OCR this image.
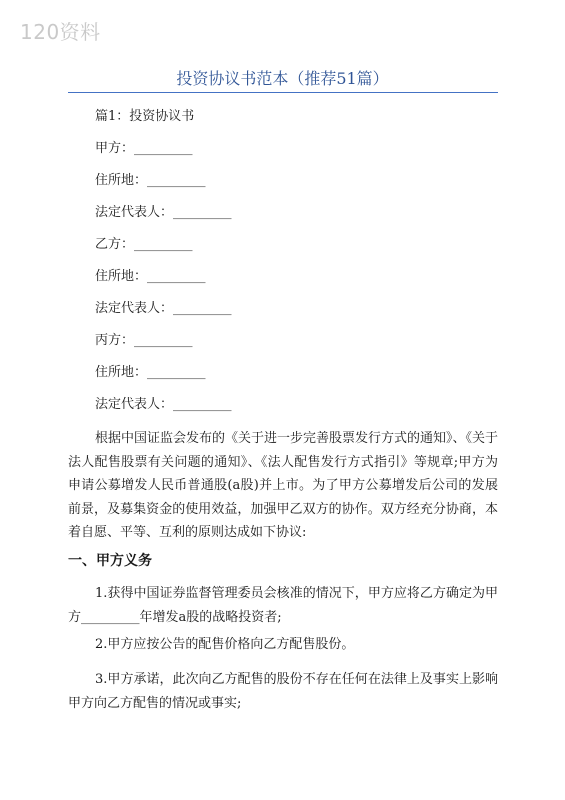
120资料
投资协议书范本（推荐51篇）
篇1：投资协议书
甲方：_________
住所地：_________
法定代表人：_________
乙方：_________
住所地：_________
法定代表人：_________
丙方：_________
住所地：_________
法定代表人：_________
根据中国证监会发布的《关于进一步完善股票发行方式的通知》、《关于法人配售股票有关问题的通知》、《法人配售发行方式指引》等规章;甲方为申请公募增发人民币普通股(a股)并上市。为了甲方公募增发后公司的发展前景，及募集资金的使用效益，加强甲乙双方的协作。双方经充分协商，本着自愿、平等、互利的原则达成如下协议:
一、甲方义务
1.获得中国证券监督管理委员会核准的情况下，甲方应将乙方确定为甲方_________年增发a股的战略投资者;
2.甲方应按公告的配售价格向乙方配售股份。
3.甲方承诺，此次向乙方配售的股份不存在任何在法律上及事实上影响甲方向乙方配售的情况或事实;
